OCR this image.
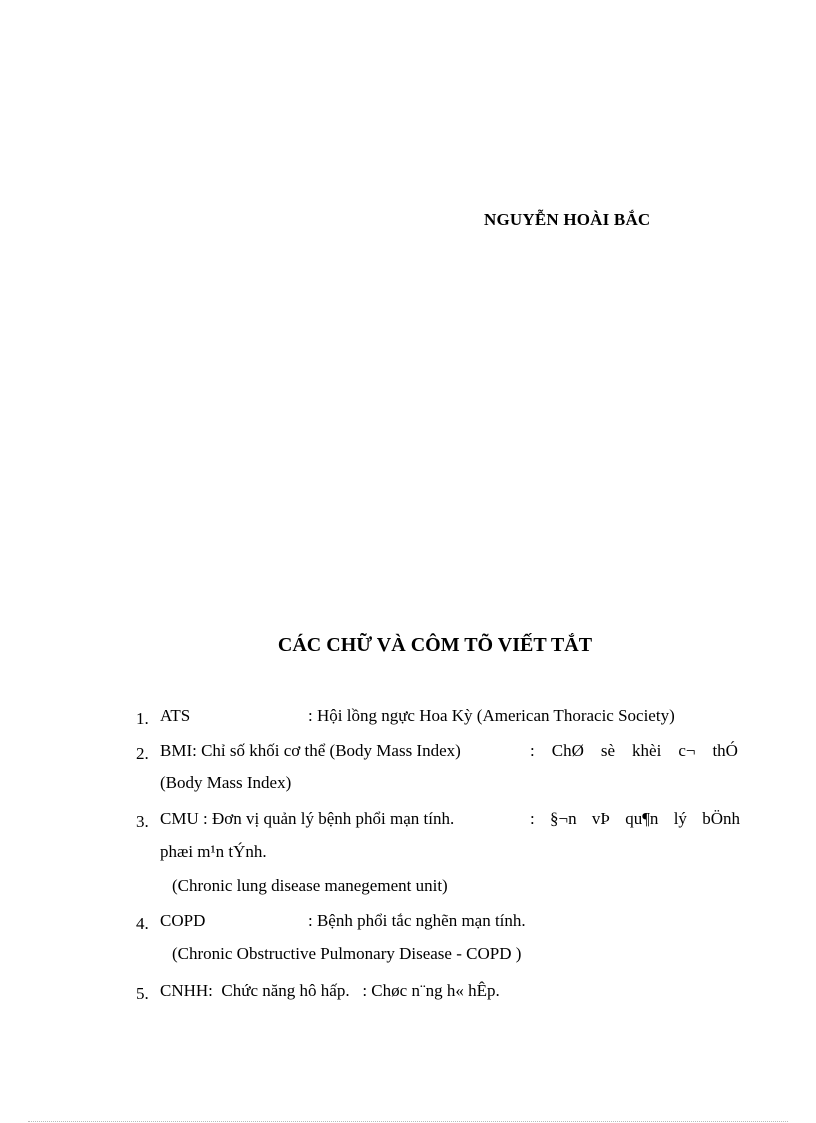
NGUYỄN HOÀI BẮC
CÁC CHỮ VÀ CÔM TÕ VIẾT TẮT
1. ATS	: Hội lồng ngực Hoa Kỳ (American Thoracic Society)
2. BMI: Chỉ số khối cơ thể (Body Mass Index)	: ChØ sè khèi c¬ thÓ
(Body Mass Index)
3. CMU : Đơn vị quản lý bệnh phổi mạn tính.	: §¬n vÞ qu¶n lý bÖnh
phæi m¹n tÝnh.
(Chronic lung disease manegement unit)
4. COPD	: Bệnh phổi tắc nghẽn mạn tính.
(Chronic Obstructive Pulmonary Disease - COPD )
5. CNHH:  Chức năng hô hấp.   : Chøc n¨ng h« hÊp.
